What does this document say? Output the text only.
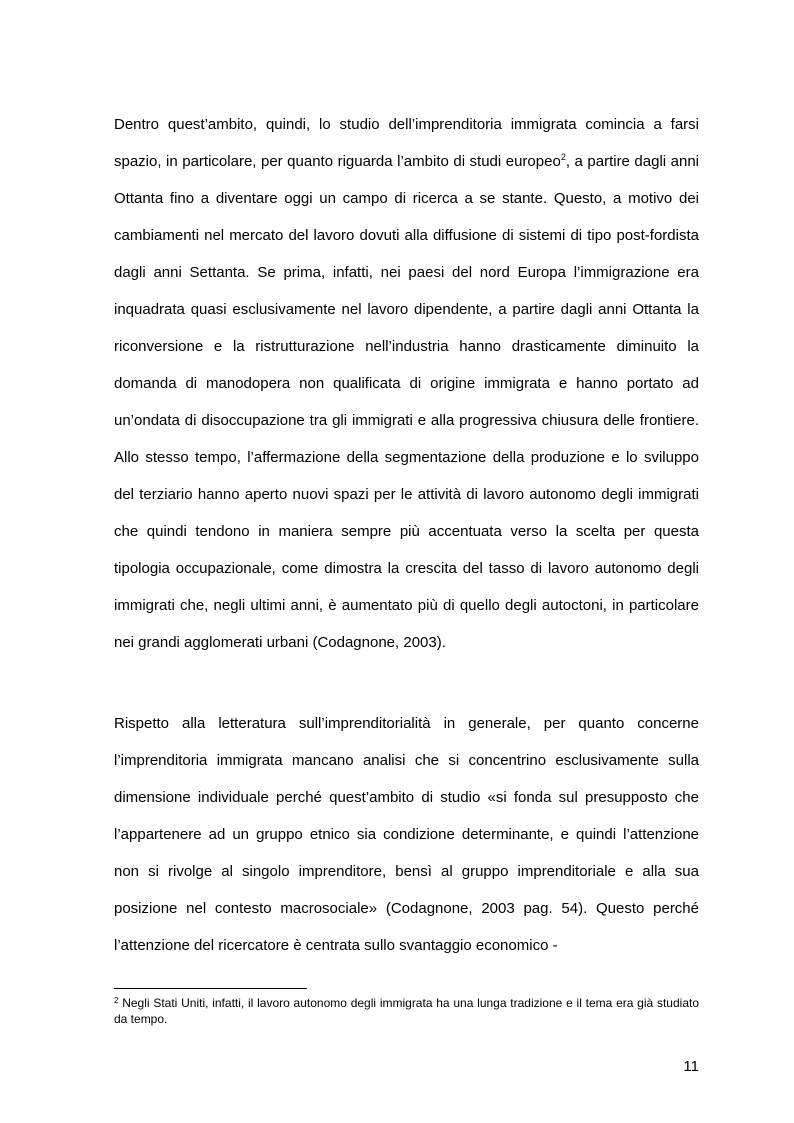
Dentro quest’ambito, quindi, lo studio dell’imprenditoria immigrata comincia a farsi spazio, in particolare, per quanto riguarda l’ambito di studi europeo$^2$, a partire dagli anni Ottanta fino a diventare oggi un campo di ricerca a se stante. Questo, a motivo dei cambiamenti nel mercato del lavoro dovuti alla diffusione di sistemi di tipo post-fordista dagli anni Settanta. Se prima, infatti, nei paesi del nord Europa l’immigrazione era inquadrata quasi esclusivamente nel lavoro dipendente, a partire dagli anni Ottanta la riconversione e la ristrutturazione nell’industria hanno drasticamente diminuito la domanda di manodopera non qualificata di origine immigrata e hanno portato ad un’ondata di disoccupazione tra gli immigrati e alla progressiva chiusura delle frontiere. Allo stesso tempo, l’affermazione della segmentazione della produzione e lo sviluppo del terziario hanno aperto nuovi spazi per le attività di lavoro autonomo degli immigrati che quindi tendono in maniera sempre più accentuata verso la scelta per questa tipologia occupazionale, come dimostra la crescita del tasso di lavoro autonomo degli immigrati che, negli ultimi anni, è aumentato più di quello degli autoctoni, in particolare nei grandi agglomerati urbani (Codagnone, 2003).

Rispetto alla letteratura sull’imprenditorialità in generale, per quanto concerne l’imprenditoria immigrata mancano analisi che si concentrino esclusivamente sulla dimensione individuale perché quest’ambito di studio «si fonda sul presupposto che l’appartenere ad un gruppo etnico sia condizione determinante, e quindi l’attenzione non si rivolge al singolo imprenditore, bensì al gruppo imprenditoriale e alla sua posizione nel contesto macrosociale» (Codagnone, 2003 pag. 54). Questo perché l’attenzione del ricercatore è centrata sullo svantaggio economico -

$^2$ Negli Stati Uniti, infatti, il lavoro autonomo degli immigrata ha una lunga tradizione e il tema era già studiato da tempo.

11
